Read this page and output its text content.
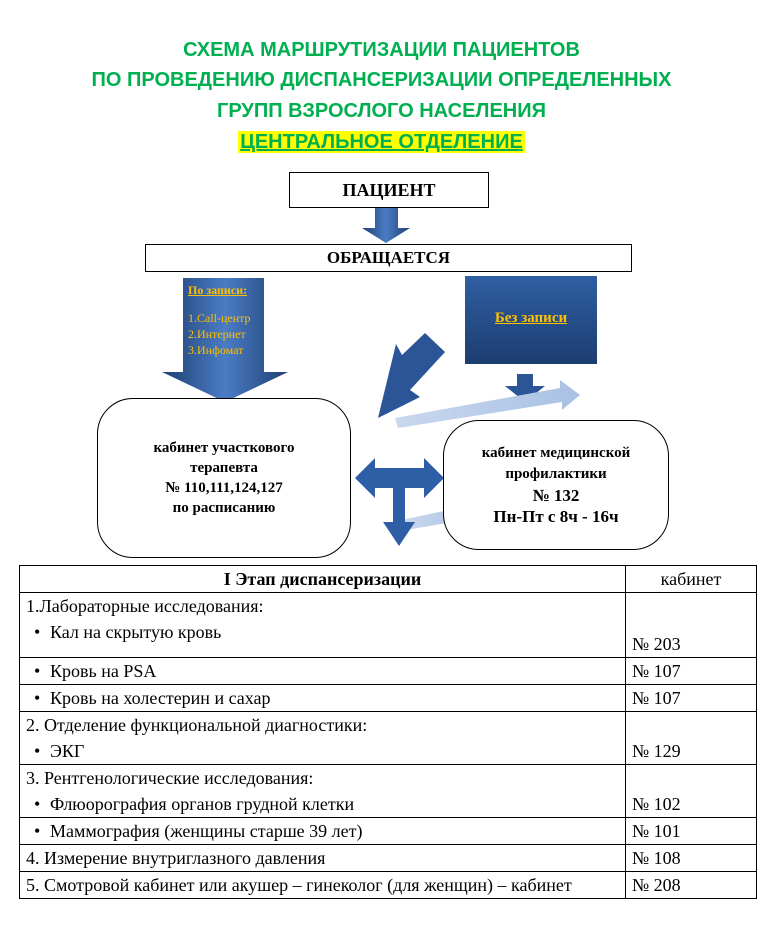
СХЕМА МАРШРУТИЗАЦИИ ПАЦИЕНТОВ
ПО ПРОВЕДЕНИЮ ДИСПАНСЕРИЗАЦИИ ОПРЕДЕЛЕННЫХ
ГРУПП ВЗРОСЛОГО НАСЕЛЕНИЯ
ЦЕНТРАЛЬНОЕ ОТДЕЛЕНИЕ
ПАЦИЕНТ
ОБРАЩАЕТСЯ
По записи:
1.Call-центр
2.Интернет
3.Инфомат
Без записи
кабинет участкового
терапевта
№ 110,111,124,127
по расписанию
кабинет медицинской
профилактики
№ 132
Пн-Пт с 8ч - 16ч
I Этап диспансеризации	кабинет

1.Лабораторные исследования:
• Кал на скрытую кровь	№ 203

• Кровь на PSA	№ 107

• Кровь на холестерин и сахар	№ 107

2. Отделение функциональной диагностики:
• ЭКГ	№ 129

3. Рентгенологические исследования:
• Флюорография органов грудной клетки	№ 102

• Маммография (женщины старше 39 лет)	№ 101
4. Измерение внутриглазного давления	№ 108
5. Смотровой кабинет или акушер – гинеколог (для женщин) – кабинет	№ 208
